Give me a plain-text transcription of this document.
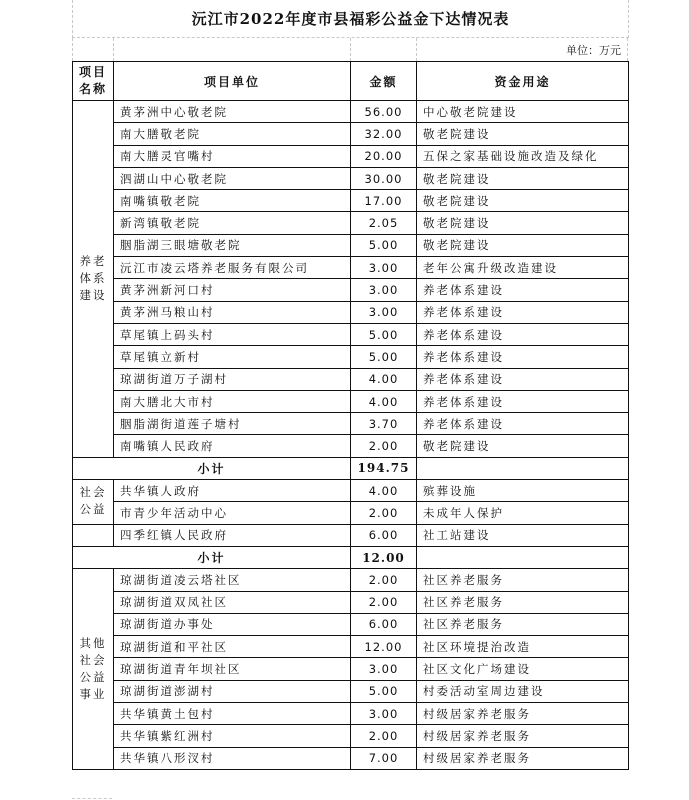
沅江市2022年度市县福彩公益金下达情况表
单位：万元
项目名称	项目单位	金额	资金用途
养老体系建设	黄茅洲中心敬老院	56.00	中心敬老院建设
	南大膳敬老院	32.00	敬老院建设
	南大膳灵官嘴村	20.00	五保之家基础设施改造及绿化
	泗湖山中心敬老院	30.00	敬老院建设
	南嘴镇敬老院	17.00	敬老院建设
	新湾镇敬老院	2.05	敬老院建设
	胭脂湖三眼塘敬老院	5.00	敬老院建设
	沅江市凌云塔养老服务有限公司	3.00	老年公寓升级改造建设
	黄茅洲新河口村	3.00	养老体系建设
	黄茅洲马粮山村	3.00	养老体系建设
	草尾镇上码头村	5.00	养老体系建设
	草尾镇立新村	5.00	养老体系建设
	琼湖街道万子湖村	4.00	养老体系建设
	南大膳北大市村	4.00	养老体系建设
	胭脂湖街道莲子塘村	3.70	养老体系建设
	南嘴镇人民政府	2.00	敬老院建设
小计		194.75	
社会公益	共华镇人政府	4.00	殡葬设施
	市青少年活动中心	2.00	未成年人保护
	四季红镇人民政府	6.00	社工站建设
小计		12.00	
其他社会公益事业	琼湖街道凌云塔社区	2.00	社区养老服务
	琼湖街道双凤社区	2.00	社区养老服务
	琼湖街道办事处	6.00	社区养老服务
	琼湖街道和平社区	12.00	社区环境提治改造
	琼湖街道青年坝社区	3.00	社区文化广场建设
	琼湖街道澎湖村	5.00	村委活动室周边建设
	共华镇黄土包村	3.00	村级居家养老服务
	共华镇紫红洲村	2.00	村级居家养老服务
	共华镇八形汊村	7.00	村级居家养老服务
